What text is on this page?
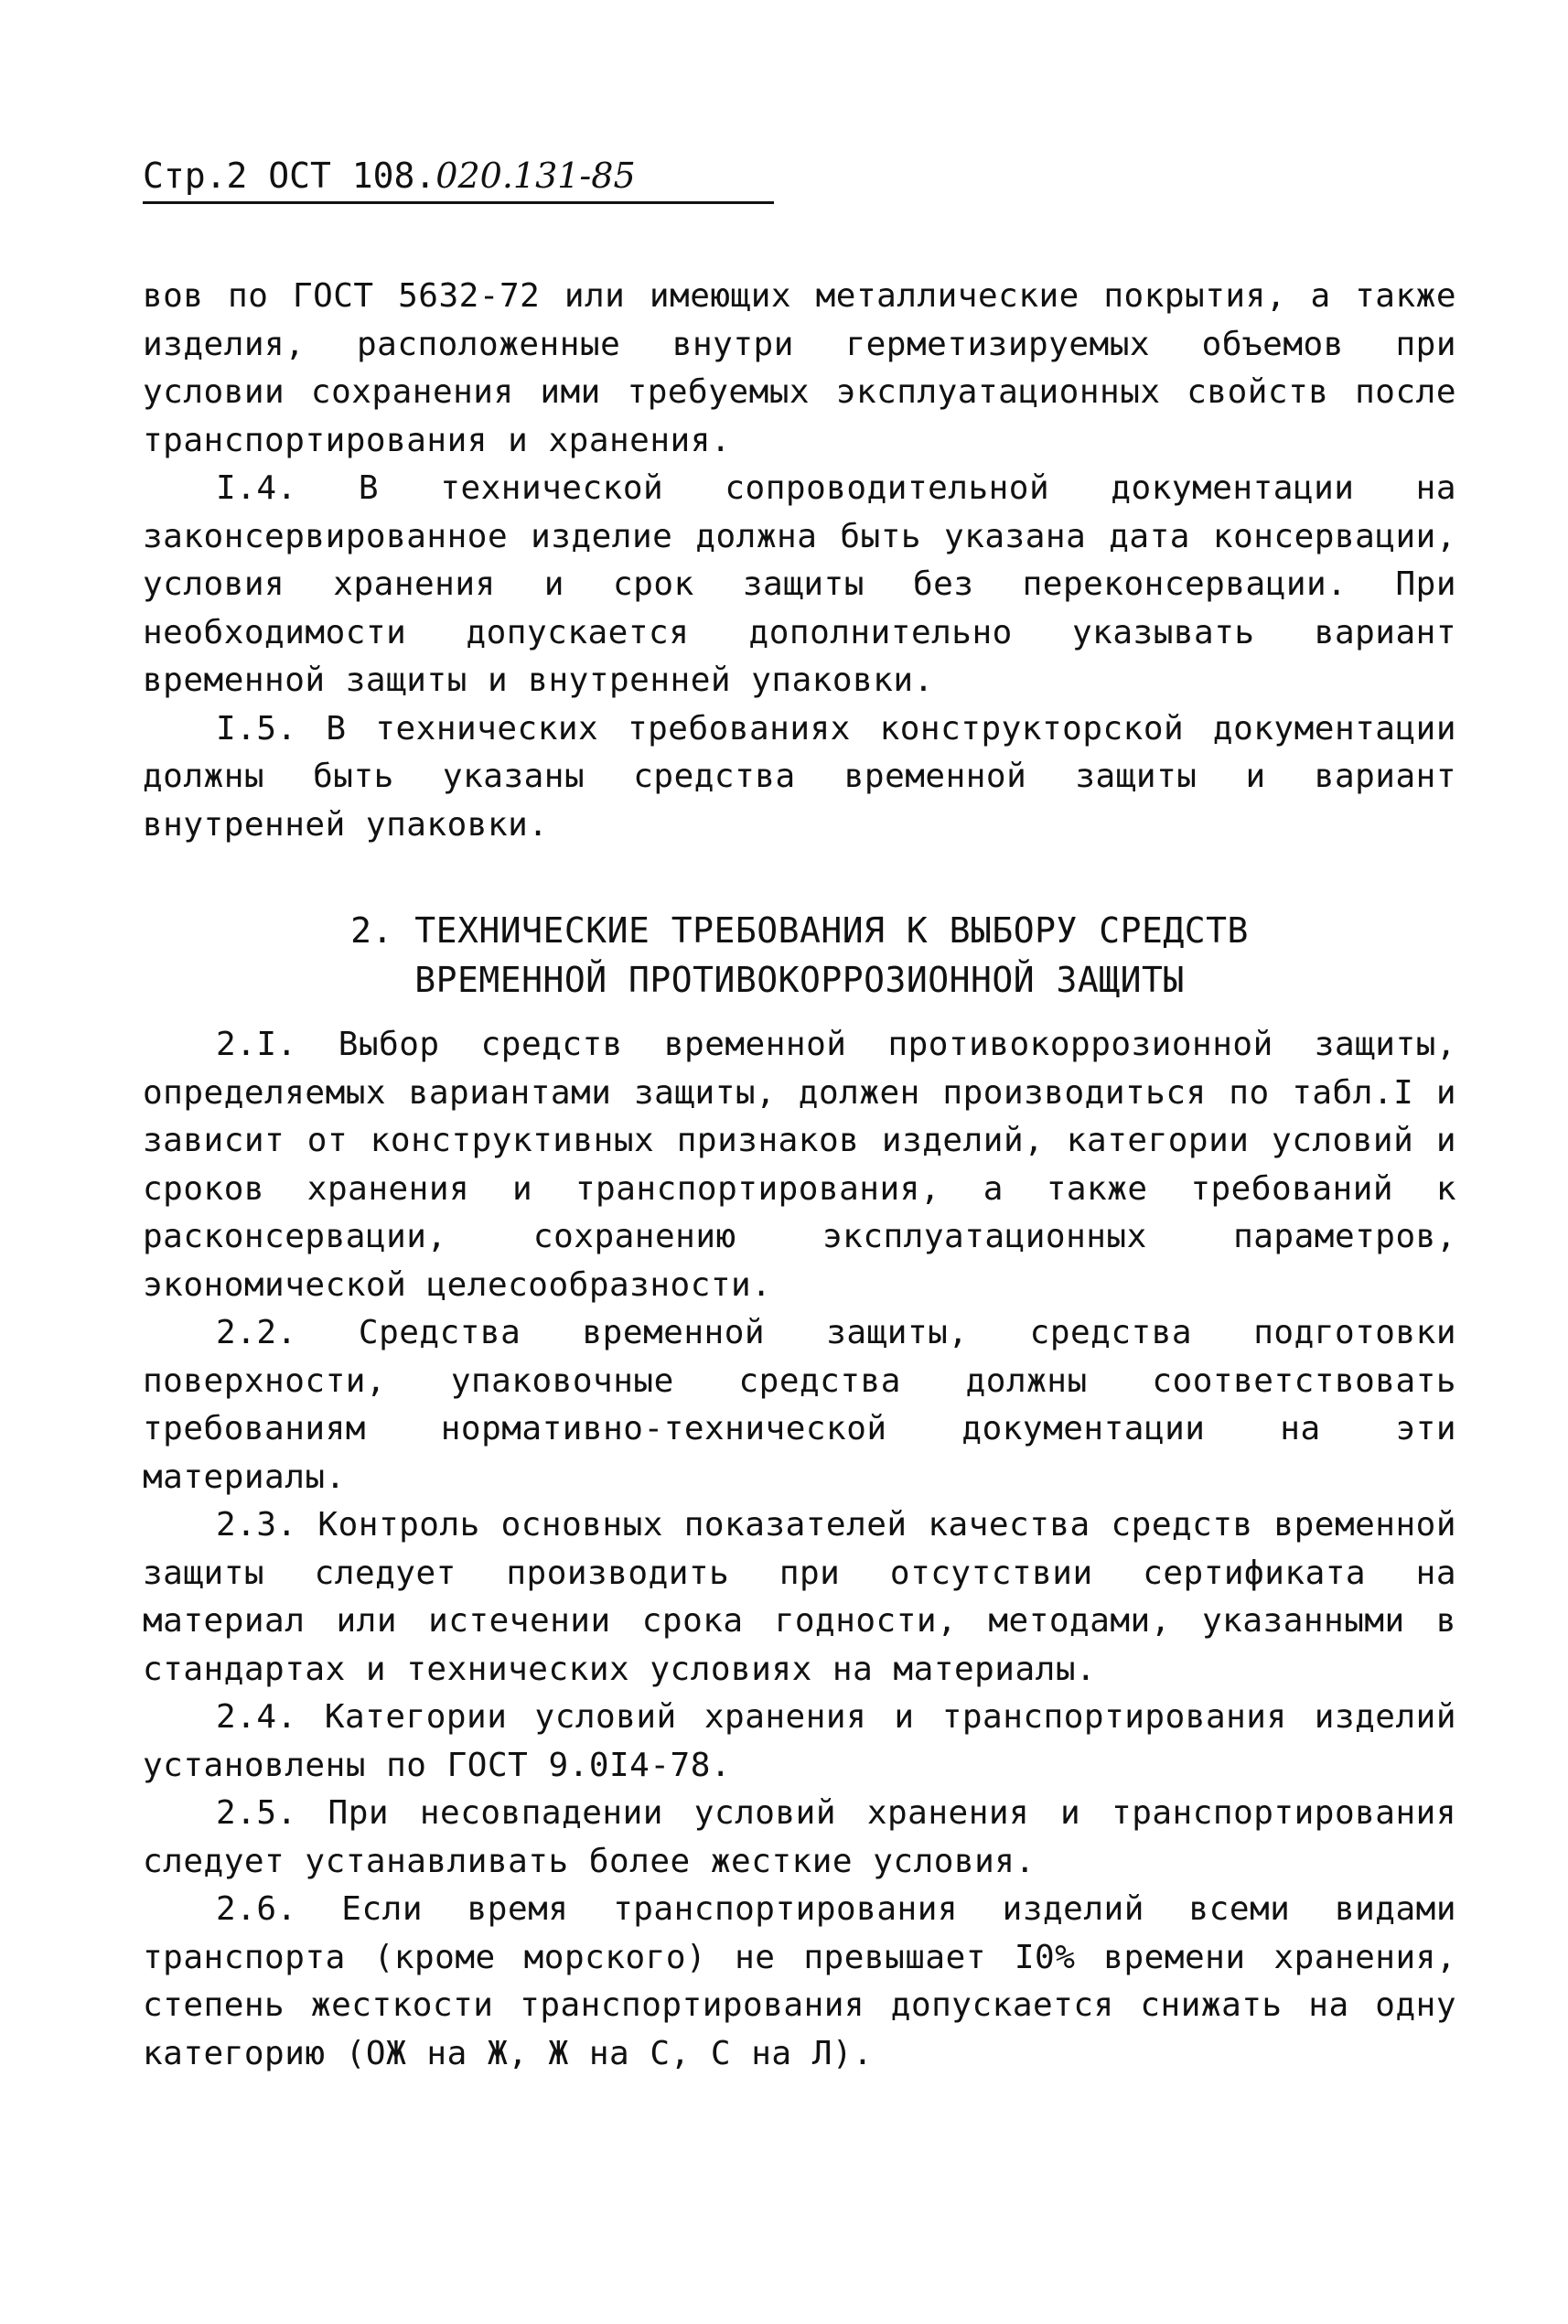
Стр.2 ОСТ 108.020.131-85

вов по ГОСТ 5632-72 или имеющих металлические покрытия, а также изделия, расположенные внутри герметизируемых объемов при условии сохранения ими требуемых эксплуатационных свойств после транспортирования и хранения.

I.4. В технической сопроводительной документации на законсервированное изделие должна быть указана дата консервации, условия хранения и срок защиты без переконсервации. При необходимости допускается дополнительно указывать вариант временной защиты и внутренней упаковки.

I.5. В технических требованиях конструкторской документации должны быть указаны средства временной защиты и вариант внутренней упаковки.

2. ТЕХНИЧЕСКИЕ ТРЕБОВАНИЯ К ВЫБОРУ СРЕДСТВ
ВРЕМЕННОЙ ПРОТИВОКОРРОЗИОННОЙ ЗАЩИТЫ

2.I. Выбор средств временной противокоррозионной защиты, определяемых вариантами защиты, должен производиться по табл.I и зависит от конструктивных признаков изделий, категории условий и сроков хранения и транспортирования, а также требований к расконсервации, сохранению эксплуатационных параметров, экономической целесообразности.

2.2. Средства временной защиты, средства подготовки поверхности, упаковочные средства должны соответствовать требованиям нормативно-технической документации на эти материалы.

2.3. Контроль основных показателей качества средств временной защиты следует производить при отсутствии сертификата на материал или истечении срока годности, методами, указанными в стандартах и технических условиях на материалы.

2.4. Категории условий хранения и транспортирования изделий установлены по ГОСТ 9.0I4-78.

2.5. При несовпадении условий хранения и транспортирования следует устанавливать более жесткие условия.

2.6. Если время транспортирования изделий всеми видами транспорта (кроме морского) не превышает I0% времени хранения, степень жесткости транспортирования допускается снижать на одну категорию (ОЖ на Ж, Ж на С, С на Л).
